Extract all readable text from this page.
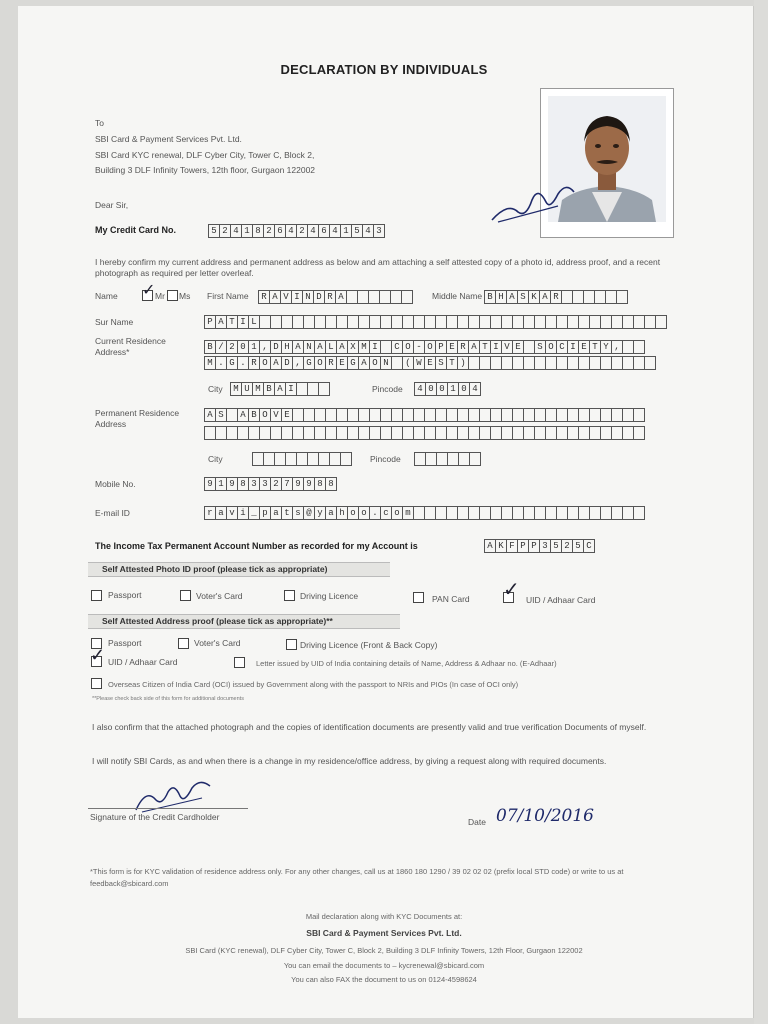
DECLARATION BY INDIVIDUALS
To
SBI Card & Payment Services Pvt. Ltd.
SBI Card KYC renewal, DLF Cyber City, Tower C, Block 2,
Building 3 DLF Infinity Towers, 12th floor, Gurgaon 122002
Dear Sir,
My Credit Card No.	5 2 4 1 8 2 6 4 2 4 6 4 1 5 4 3
I hereby confirm my current address and permanent address as below and am attaching a self attested copy of a photo id, address proof, and a recent photograph as required per letter overleaf.
Name ✓ Mr Ms First Name	R A V I N D R A	Middle Name B H A S K A R
Sur Name	P A T I L
Current Residence Address*	B / 2 0 1 , D H A N A L A X M I	C O - O P E R A T I V E	S O C I E T Y ,
M . G . R O A D , G O R E G A O N	( W E S T )
City	M U M B A I	Pincode	4 0 0 1 0 4
Permanent Residence Address
A S	A B O V E
City	Pincode
Mobile No.	9 1 9 8 3 3 2 7 9 9 8 8
E-mail ID	r a v i _ p a t s @ y a h o o . c o m
The Income Tax Permanent Account Number as recorded for my Account is	A K F P P 3 5 2 5 C
Self Attested Photo ID proof (please tick as appropriate)
Passport	Voter's Card	Driving Licence	PAN Card ✓ UID / Adhaar Card
Self Attested Address proof (please tick as appropriate)**
Passport	Voter's Card	Driving Licence (Front & Back Copy)
✓ UID / Adhaar Card	Letter issued by UID of India containing details of Name, Address & Adhaar no. (E-Adhaar)
Overseas Citizen of India Card (OCI) issued by Government along with the passport to NRIs and PIOs (In case of OCI only)
**Please check back side of this form for additional documents
I also confirm that the attached photograph and the copies of identification documents are presently valid and true verification Documents of myself.
I will notify SBI Cards, as and when there is a change in my residence/office address, by giving a request along with required documents.
Signature of the Credit Cardholder	Date 07/10/2016
*This form is for KYC validation of residence address only. For any other changes, call us at 1860 180 1290 / 39 02 02 02 (prefix local STD code) or write to us at feedback@sbicard.com
Mail declaration along with KYC Documents at:
SBI Card & Payment Services Pvt. Ltd.
SBI Card (KYC renewal), DLF Cyber City, Tower C, Block 2, Building 3 DLF Infinity Towers, 12th Floor, Gurgaon 122002
You can email the documents to – kycrenewal@sbicard.com
You can also FAX the document to us on 0124-4598624
